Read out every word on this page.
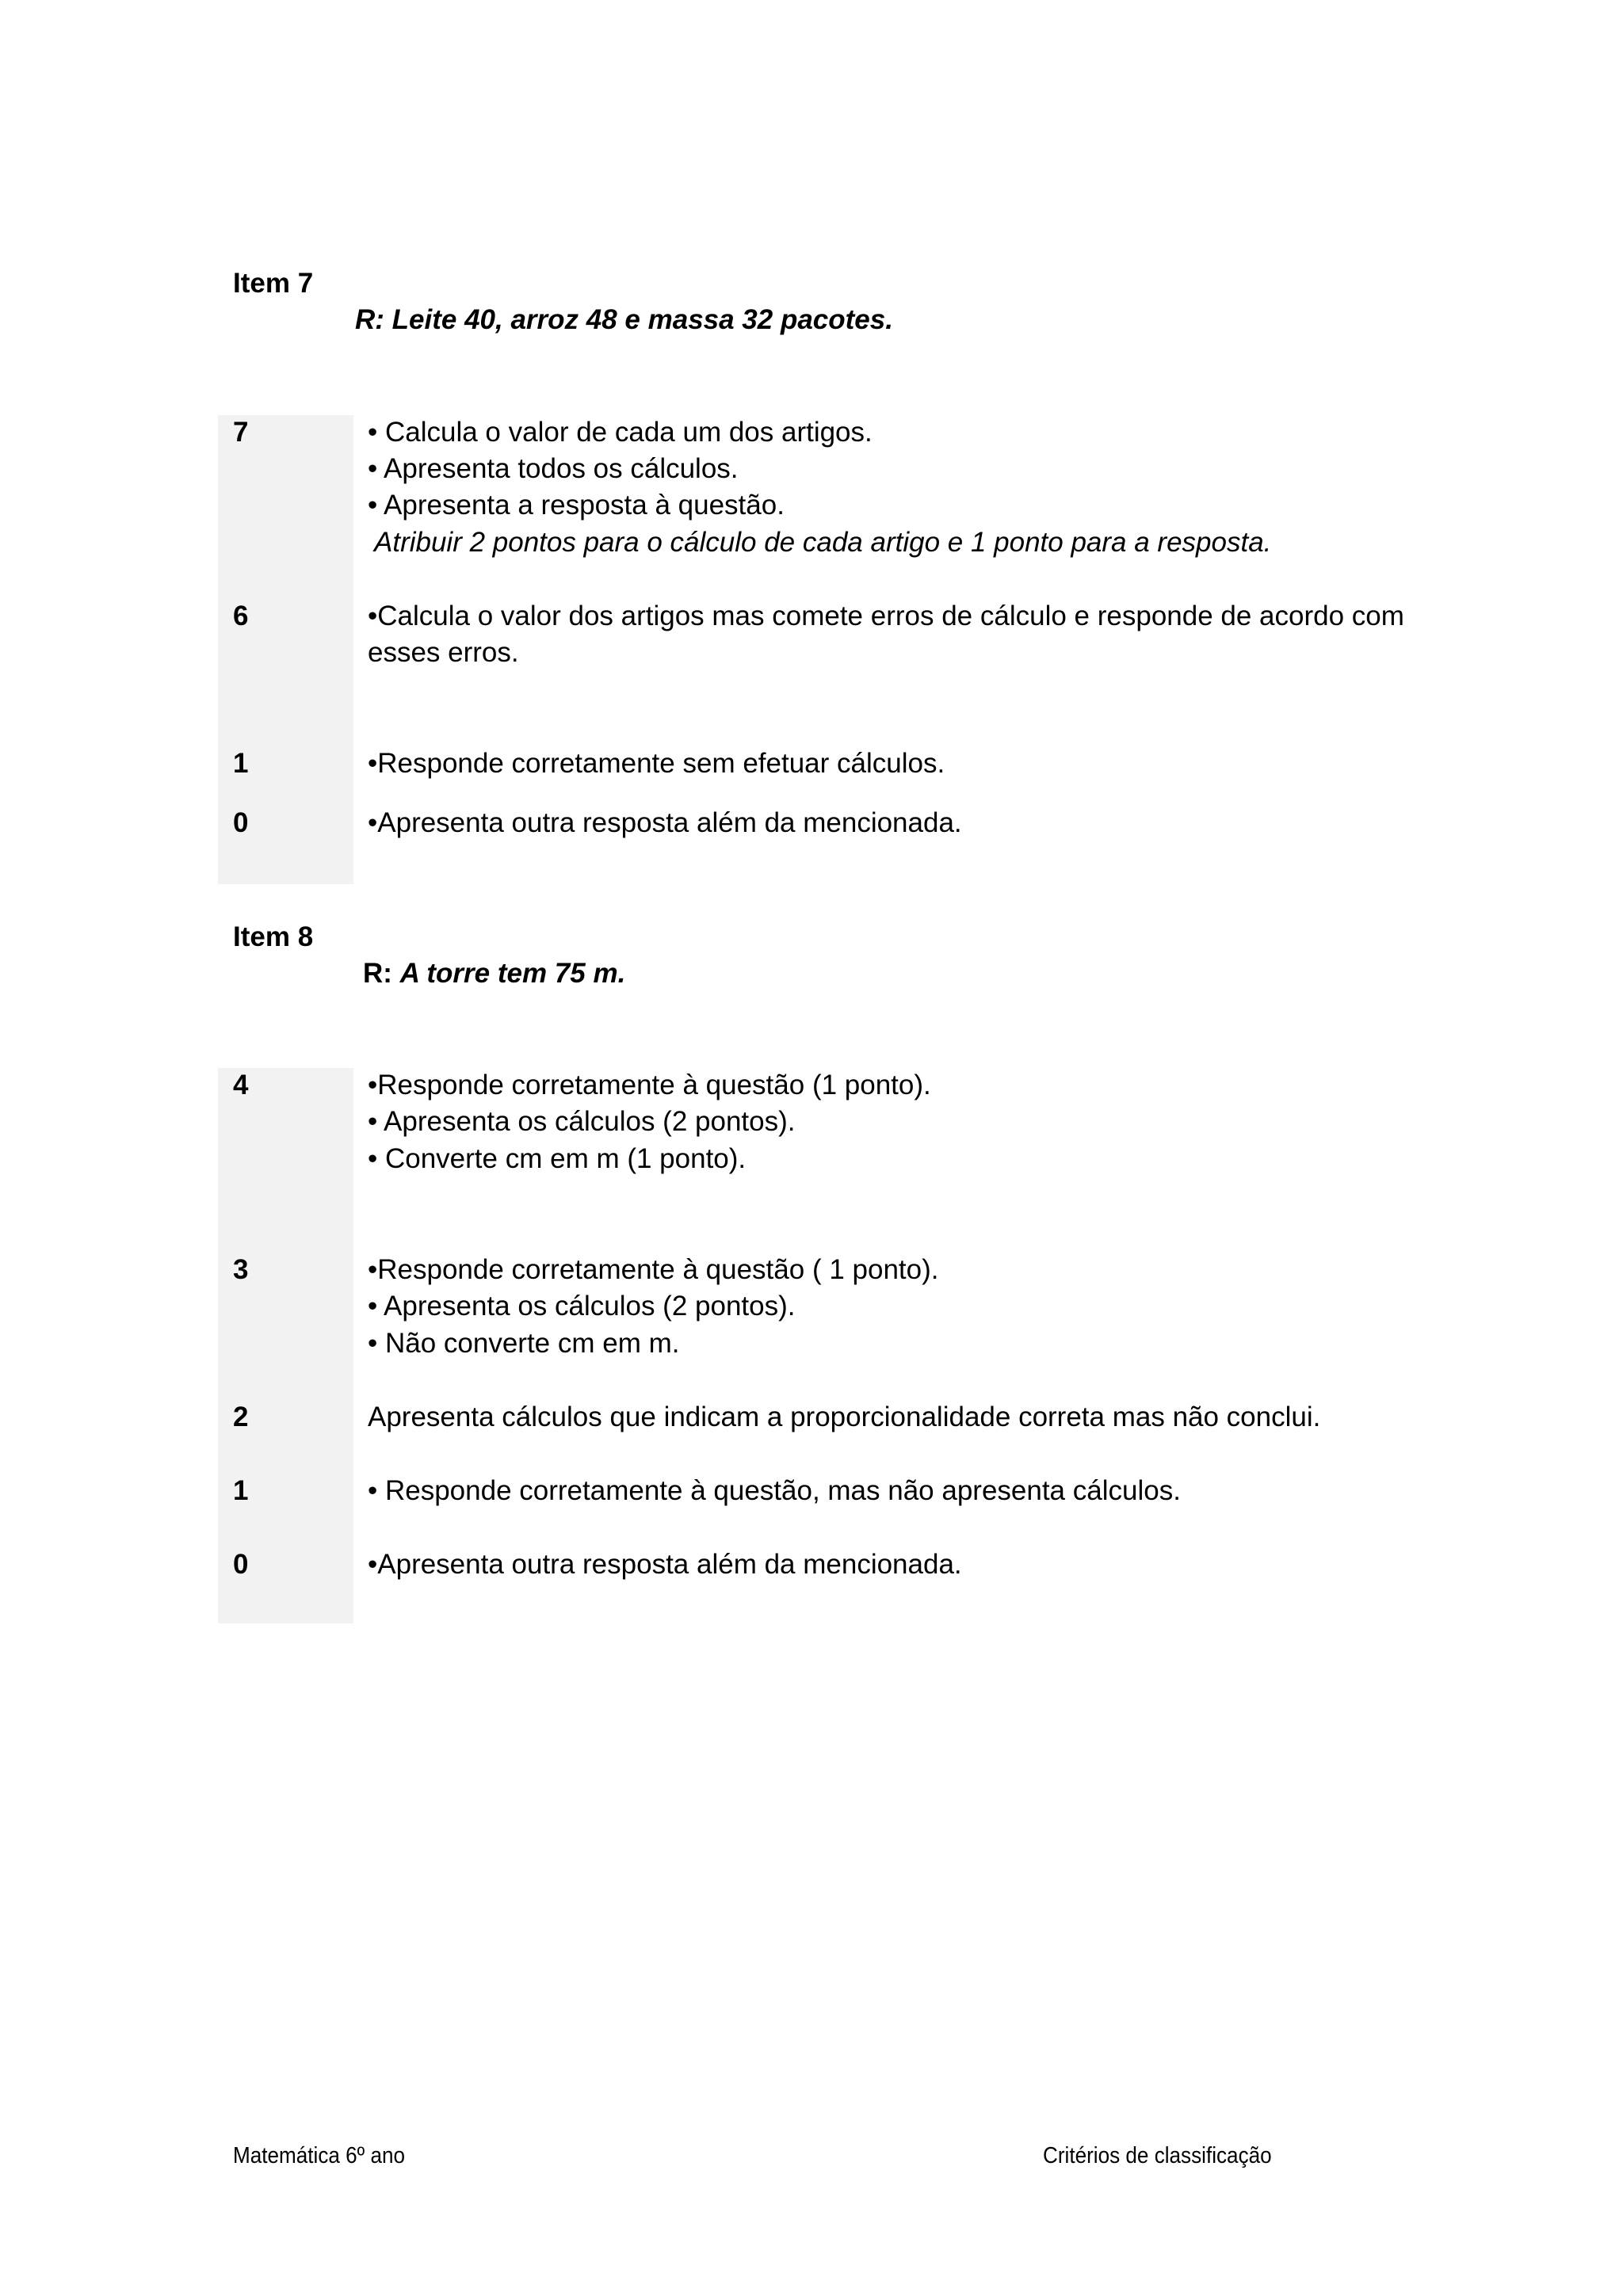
Item 7
R: Leite 40, arroz 48 e massa 32 pacotes.
7	• Calcula o valor de cada um dos artigos.
• Apresenta todos os cálculos.
• Apresenta a resposta à questão.
Atribuir 2 pontos para o cálculo de cada artigo e 1 ponto para a resposta.
6	•Calcula o valor dos artigos mas comete erros de cálculo e responde de acordo com
esses erros.
1	•Responde corretamente sem efetuar cálculos.
0	•Apresenta outra resposta além da mencionada.
Item 8
R: A torre tem 75 m.
4	•Responde corretamente à questão (1 ponto).
• Apresenta os cálculos (2 pontos).
• Converte cm em m (1 ponto).
3	•Responde corretamente à questão ( 1 ponto).
• Apresenta os cálculos (2 pontos).
• Não converte cm em m.
2	Apresenta cálculos que indicam a proporcionalidade correta mas não conclui.
1	• Responde corretamente à questão, mas não apresenta cálculos.
0	•Apresenta outra resposta além da mencionada.
Matemática 6º ano	Critérios de classificação
